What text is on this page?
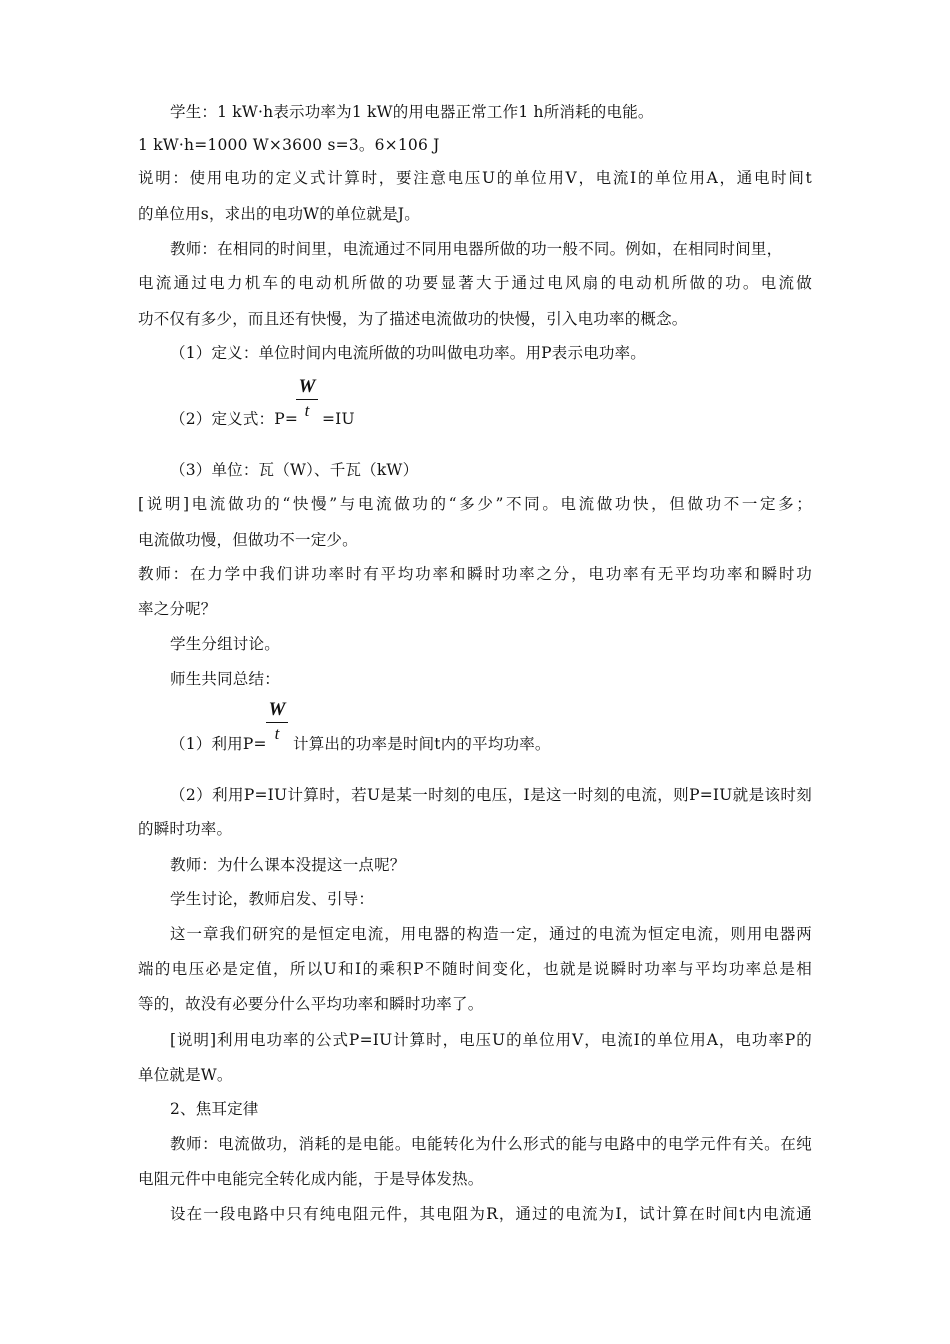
学生：1 kW·h表示功率为1 kW的用电器正常工作1 h所消耗的电能。
1 kW·h=1000 W×3600 s=3。6×106 J
说明：使用电功的定义式计算时，要注意电压U的单位用V，电流I的单位用A，通电时间t
的单位用s，求出的电功W的单位就是J。
教师：在相同的时间里，电流通过不同用电器所做的功一般不同。例如，在相同时间里，
电流通过电力机车的电动机所做的功要显著大于通过电风扇的电动机所做的功。电流做
功不仅有多少，而且还有快慢，为了描述电流做功的快慢，引入电功率的概念。
（1）定义：单位时间内电流所做的功叫做电功率。用P表示电功率。
（2）定义式：P=
W
t =IU
（3）单位：瓦（W）、千瓦（kW）
[说明]电流做功的“快慢”与电流做功的“多少”不同。电流做功快，但做功不一定多；
电流做功慢，但做功不一定少。
教师：在力学中我们讲功率时有平均功率和瞬时功率之分，电功率有无平均功率和瞬时功
率之分呢？
学生分组讨论。
师生共同总结：
（1）利用P=
W
t
计算出的功率是时间t内的平均功率。
（2）利用P=IU计算时，若U是某一时刻的电压，I是这一时刻的电流，则P=IU就是该时刻
的瞬时功率。
教师：为什么课本没提这一点呢？
学生讨论，教师启发、引导：
这一章我们研究的是恒定电流，用电器的构造一定，通过的电流为恒定电流，则用电器两
端的电压必是定值，所以U和I的乘积P不随时间变化，也就是说瞬时功率与平均功率总是相
等的，故没有必要分什么平均功率和瞬时功率了。
[说明]利用电功率的公式P=IU计算时，电压U的单位用V，电流I的单位用A，电功率P的
单位就是W。
2、焦耳定律
教师：电流做功，消耗的是电能。电能转化为什么形式的能与电路中的电学元件有关。在纯
电阻元件中电能完全转化成内能，于是导体发热。
设在一段电路中只有纯电阻元件，其电阻为R，通过的电流为I，试计算在时间t内电流通
